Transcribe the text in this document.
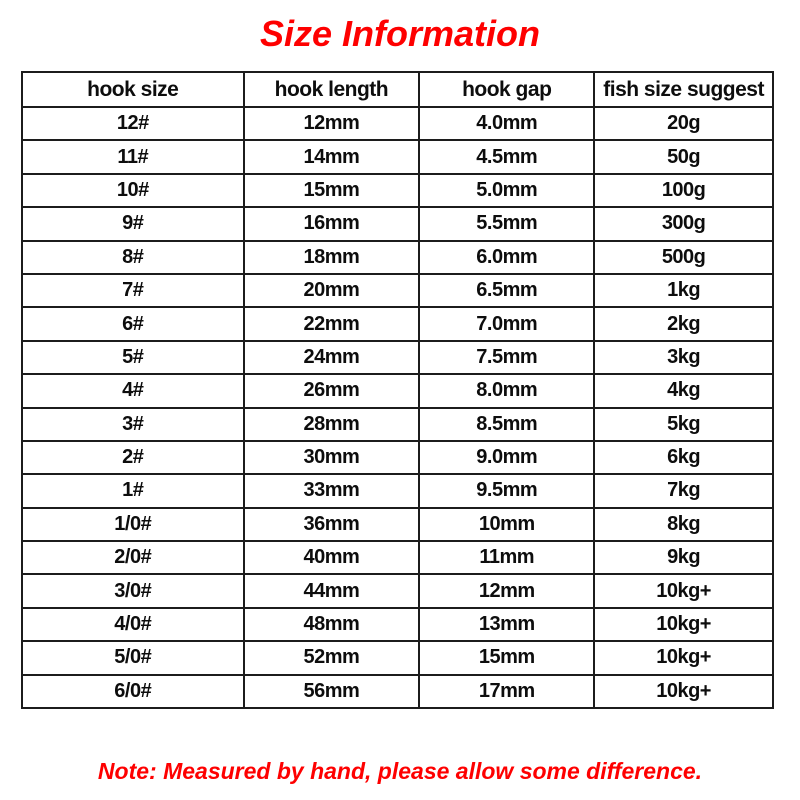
Size Information
hook size	hook length	hook gap	fish size suggest
12#	12mm	4.0mm	20g
11#	14mm	4.5mm	50g
10#	15mm	5.0mm	100g
9#	16mm	5.5mm	300g
8#	18mm	6.0mm	500g
7#	20mm	6.5mm	1kg
6#	22mm	7.0mm	2kg
5#	24mm	7.5mm	3kg
4#	26mm	8.0mm	4kg
3#	28mm	8.5mm	5kg
2#	30mm	9.0mm	6kg
1#	33mm	9.5mm	7kg
1/0#	36mm	10mm	8kg
2/0#	40mm	11mm	9kg
3/0#	44mm	12mm	10kg+
4/0#	48mm	13mm	10kg+
5/0#	52mm	15mm	10kg+
6/0#	56mm	17mm	10kg+

Note: Measured by hand, please allow some difference.
